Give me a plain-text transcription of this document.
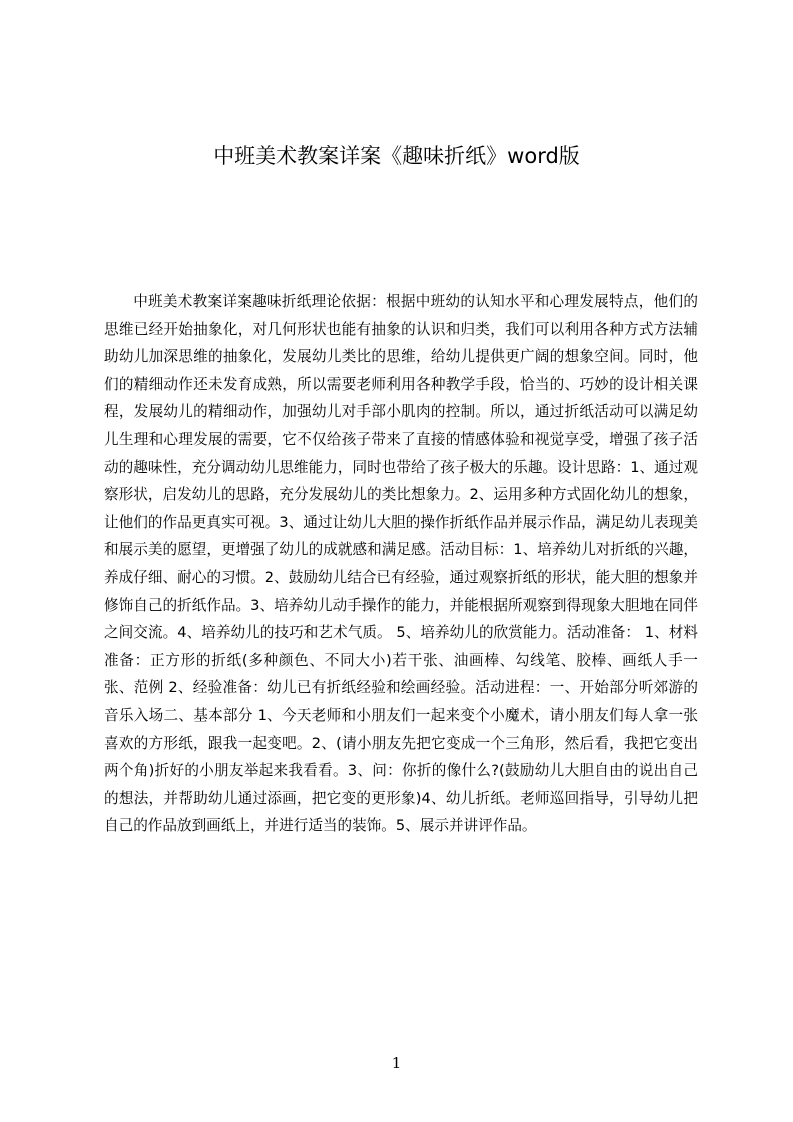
中班美术教案详案《趣味折纸》word版

中班美术教案详案趣味折纸理论依据：根据中班幼的认知水平和心理发展特点，他们的思维已经开始抽象化，对几何形状也能有抽象的认识和归类，我们可以利用各种方式方法辅助幼儿加深思维的抽象化，发展幼儿类比的思维，给幼儿提供更广阔的想象空间。同时，他们的精细动作还未发育成熟，所以需要老师利用各种教学手段，恰当的、巧妙的设计相关课程，发展幼儿的精细动作，加强幼儿对手部小肌肉的控制。所以，通过折纸活动可以满足幼儿生理和心理发展的需要，它不仅给孩子带来了直接的情感体验和视觉享受，增强了孩子活动的趣味性，充分调动幼儿思维能力，同时也带给了孩子极大的乐趣。设计思路：1、通过观察形状，启发幼儿的思路，充分发展幼儿的类比想象力。2、运用多种方式固化幼儿的想象，让他们的作品更真实可视。3、通过让幼儿大胆的操作折纸作品并展示作品，满足幼儿表现美和展示美的愿望，更增强了幼儿的成就感和满足感。活动目标：1、培养幼儿对折纸的兴趣，养成仔细、耐心的习惯。2、鼓励幼儿结合已有经验，通过观察折纸的形状，能大胆的想象并修饰自己的折纸作品。3、培养幼儿动手操作的能力，并能根据所观察到得现象大胆地在同伴之间交流。4、培养幼儿的技巧和艺术气质。 5、培养幼儿的欣赏能力。活动准备： 1、材料准备：正方形的折纸(多种颜色、不同大小)若干张、油画棒、勾线笔、胶棒、画纸人手一张、范例 2、经验准备：幼儿已有折纸经验和绘画经验。活动进程：一、开始部分听郊游的音乐入场二、基本部分 1、今天老师和小朋友们一起来变个小魔术，请小朋友们每人拿一张喜欢的方形纸，跟我一起变吧。2、(请小朋友先把它变成一个三角形，然后看，我把它变出两个角)折好的小朋友举起来我看看。3、问：你折的像什么?(鼓励幼儿大胆自由的说出自己的想法，并帮助幼儿通过添画，把它变的更形象)4、幼儿折纸。老师巡回指导，引导幼儿把自己的作品放到画纸上，并进行适当的装饰。5、展示并讲评作品。

1
